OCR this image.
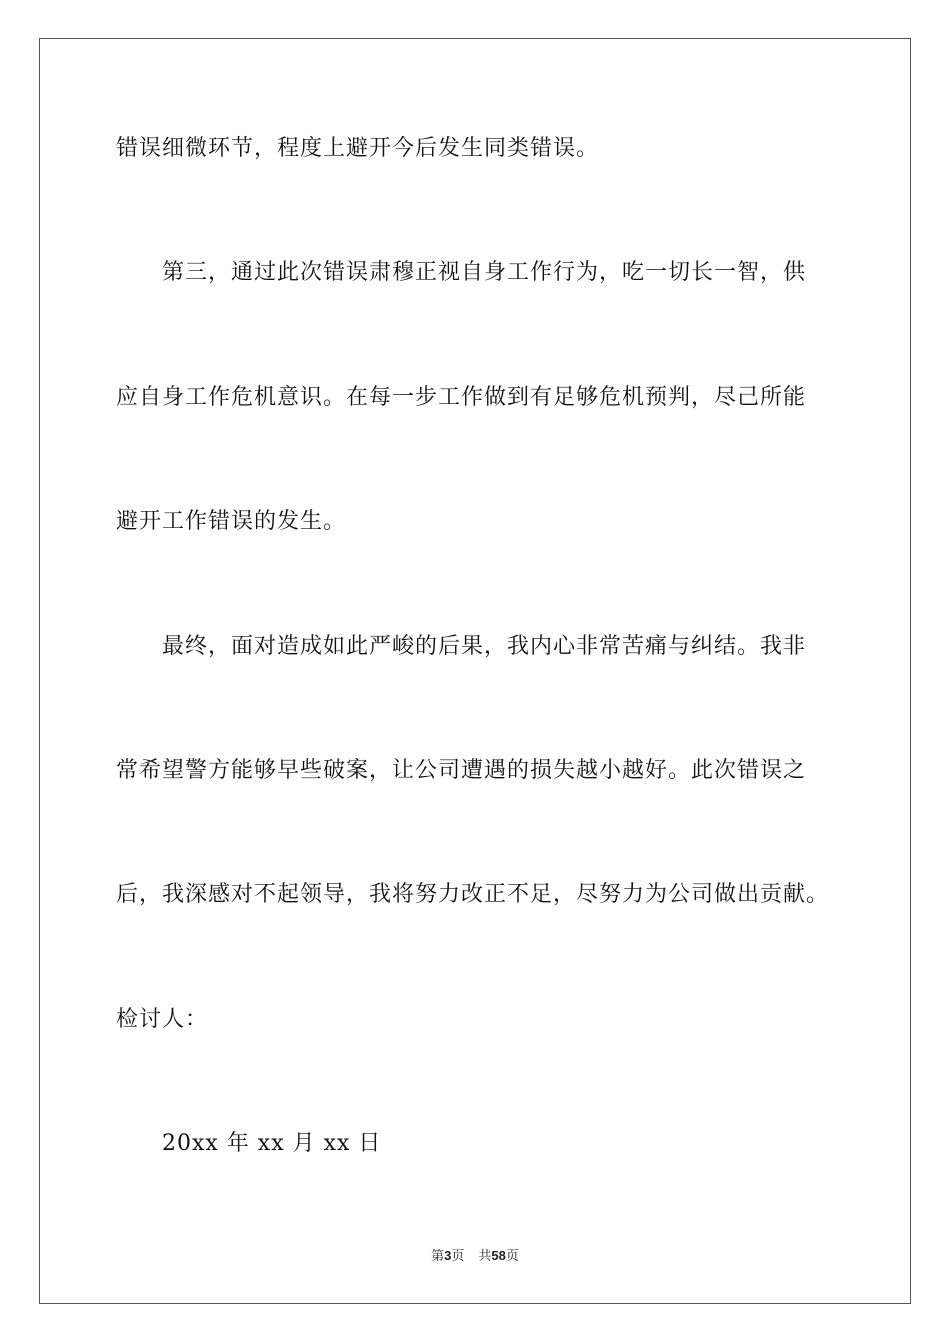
错误细微环节，程度上避开今后发生同类错误。
第三，通过此次错误肃穆正视自身工作行为，吃一切长一智，供
应自身工作危机意识。在每一步工作做到有足够危机预判，尽己所能
避开工作错误的发生。
最终，面对造成如此严峻的后果，我内心非常苦痛与纠结。我非
常希望警方能够早些破案，让公司遭遇的损失越小越好。此次错误之
后，我深感对不起领导，我将努力改正不足，尽努力为公司做出贡献。
检讨人：
20xx 年 xx 月 xx 日
第3页 共58页
